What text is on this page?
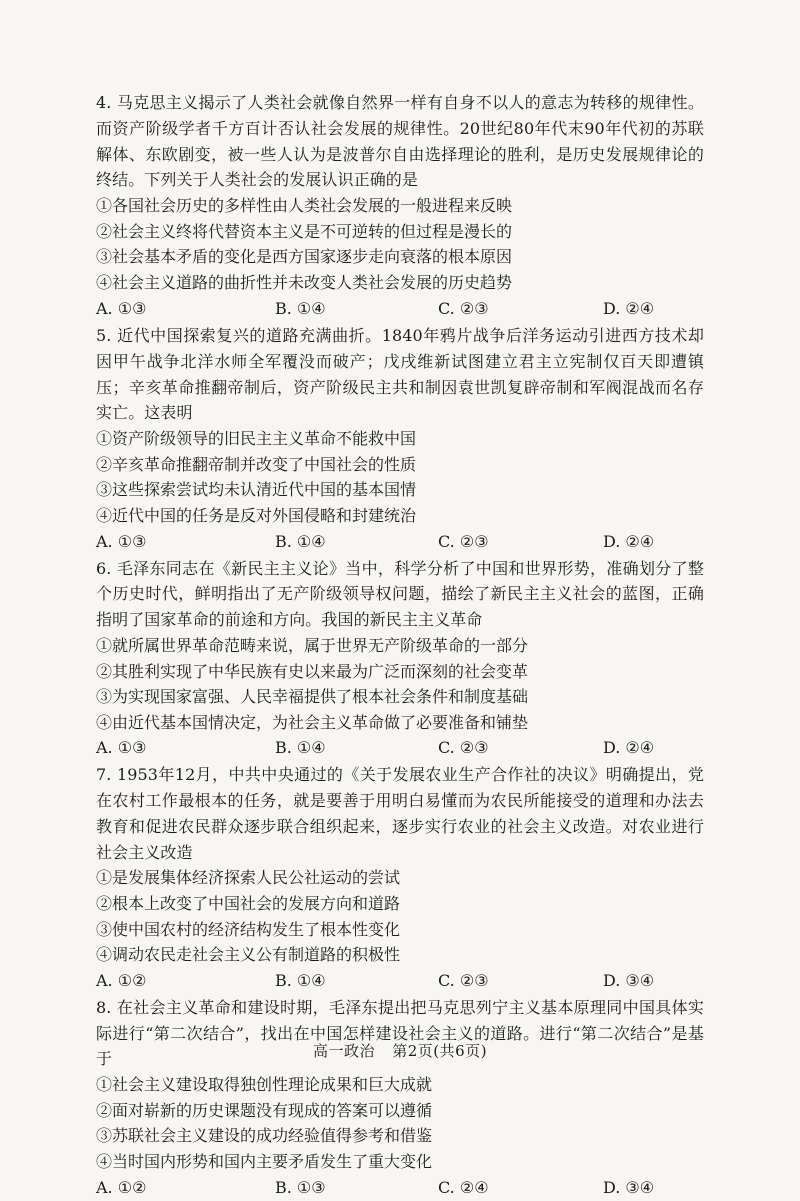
4. 马克思主义揭示了人类社会就像自然界一样有自身不以人的意志为转移的规律性。而资产阶级学者千方百计否认社会发展的规律性。20世纪80年代末90年代初的苏联解体、东欧剧变，被一些人认为是波普尔自由选择理论的胜利，是历史发展规律论的终结。下列关于人类社会的发展认识正确的是

①各国社会历史的多样性由人类社会发展的一般进程来反映

②社会主义终将代替资本主义是不可逆转的但过程是漫长的

③社会基本矛盾的变化是西方国家逐步走向衰落的根本原因

④社会主义道路的曲折性并未改变人类社会发展的历史趋势
A. ①③	B. ①④	C. ②③	D. ②④

5. 近代中国探索复兴的道路充满曲折。1840年鸦片战争后洋务运动引进西方技术却因甲午战争北洋水师全军覆没而破产；戊戌维新试图建立君主立宪制仅百天即遭镇压；辛亥革命推翻帝制后，资产阶级民主共和制因袁世凯复辟帝制和军阀混战而名存实亡。这表明

①资产阶级领导的旧民主主义革命不能救中国

②辛亥革命推翻帝制并改变了中国社会的性质

③这些探索尝试均未认清近代中国的基本国情

④近代中国的任务是反对外国侵略和封建统治

A. ①③	B. ①④	C. ②③	D. ②④

6. 毛泽东同志在《新民主主义论》当中，科学分析了中国和世界形势，准确划分了整个历史时代，鲜明指出了无产阶级领导权问题，描绘了新民主主义社会的蓝图，正确指明了国家革命的前途和方向。我国的新民主主义革命

①就所属世界革命范畴来说，属于世界无产阶级革命的一部分

②其胜利实现了中华民族有史以来最为广泛而深刻的社会变革

③为实现国家富强、人民幸福提供了根本社会条件和制度基础

④由近代基本国情决定，为社会主义革命做了必要准备和铺垫

A. ①③	B. ①④	C. ②③	D. ②④

7. 1953年12月，中共中央通过的《关于发展农业生产合作社的决议》明确提出，党在农村工作最根本的任务，就是要善于用明白易懂而为农民所能接受的道理和办法去教育和促进农民群众逐步联合组织起来，逐步实行农业的社会主义改造。对农业进行社会主义改造

①是发展集体经济探索人民公社运动的尝试

②根本上改变了中国社会的发展方向和道路

③使中国农村的经济结构发生了根本性变化

④调动农民走社会主义公有制道路的积极性

A. ①②	B. ①④	C. ②③	D. ③④

8. 在社会主义革命和建设时期，毛泽东提出把马克思列宁主义基本原理同中国具体实际进行“第二次结合”，找出在中国怎样建设社会主义的道路。进行“第二次结合”是基于

①社会主义建设取得独创性理论成果和巨大成就

②面对崭新的历史课题没有现成的答案可以遵循

③苏联社会主义建设的成功经验值得参考和借鉴

④当时国内形势和国内主要矛盾发生了重大变化

A. ①②	B. ①③	C. ②④	D. ③④
高一政治 第2页(共6页)
